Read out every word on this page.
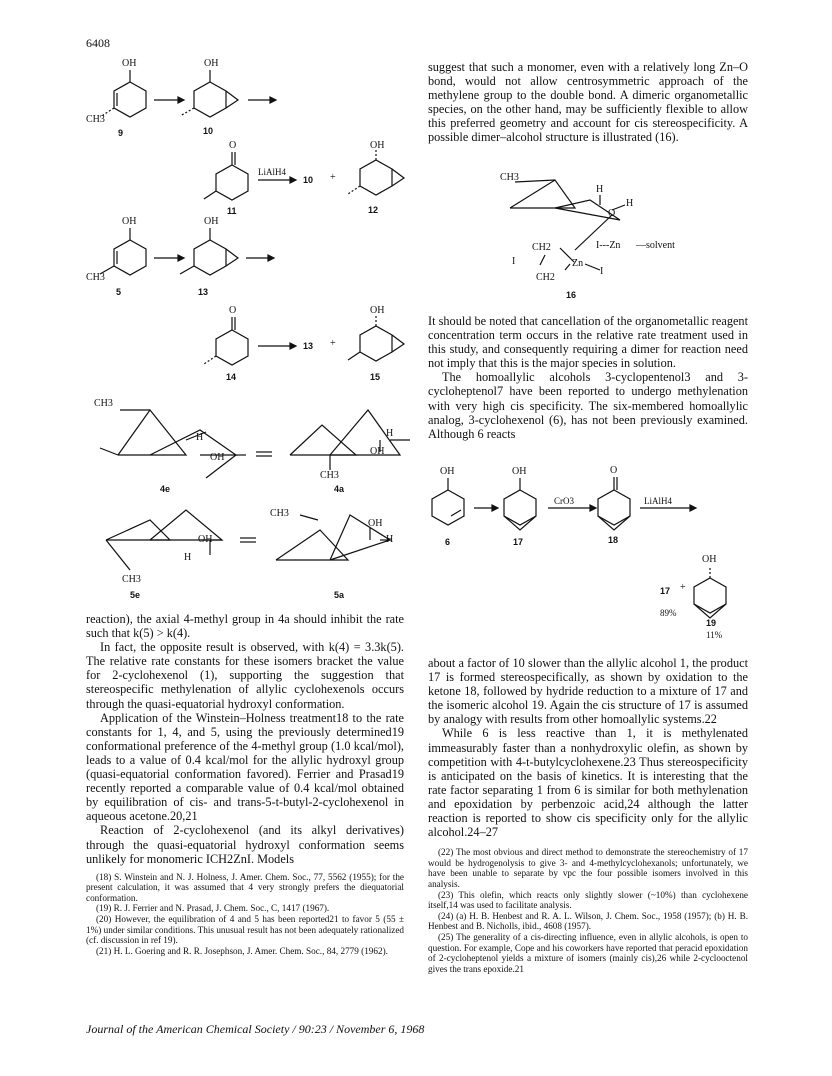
6408
OH
CH3
9
OH
10
O
LiAlH4
10 +
OH
11	12
OH
CH3
5
OH
13
O
13 +
OH
14	15
CH3
H
OH
4e
H
OH
CH3
4a
CH3
OH
H
OH
H
CH3
5e	5a
CH3
H
O
H
I---Zn —solvent
CH2
I	Zn
I
CH2
16
OH
6
OH
17
CrO3
O
18
LiAlH4
OH
17 +
89%
19
11%

reaction), the axial 4-methyl group in 4a should inhibit the rate such that k(5) > k(4).

In fact, the opposite result is observed, with k(4) = 3.3k(5). The relative rate constants for these isomers bracket the value for 2-cyclohexenol (1), supporting the suggestion that stereospecific methylenation of allylic cyclohexenols occurs through the quasi-equatorial hydroxyl conformation.

Application of the Winstein–Holness treatment18 to the rate constants for 1, 4, and 5, using the previously determined19 conformational preference of the 4-methyl group (1.0 kcal/mol), leads to a value of 0.4 kcal/mol for the allylic hydroxyl group (quasi-equatorial conformation favored). Ferrier and Prasad19 recently reported a comparable value of 0.4 kcal/mol obtained by equilibration of cis- and trans-5-t-butyl-2-cyclohexenol in aqueous acetone.20,21

Reaction of 2-cyclohexenol (and its alkyl derivatives) through the quasi-equatorial hydroxyl conformation seems unlikely for monomeric ICH2ZnI. Models

(18) S. Winstein and N. J. Holness, J. Amer. Chem. Soc., 77, 5562 (1955); for the present calculation, it was assumed that 4 very strongly prefers the diequatorial conformation.

(19) R. J. Ferrier and N. Prasad, J. Chem. Soc., C, 1417 (1967).

(20) However, the equilibration of 4 and 5 has been reported21 to favor 5 (55 ± 1%) under similar conditions. This unusual result has not been adequately rationalized (cf. discussion in ref 19).

(21) H. L. Goering and R. R. Josephson, J. Amer. Chem. Soc., 84, 2779 (1962).

suggest that such a monomer, even with a relatively long Zn–O bond, would not allow centrosymmetric approach of the methylene group to the double bond. A dimeric organometallic species, on the other hand, may be sufficiently flexible to allow this preferred geometry and account for cis stereospecificity. A possible dimer–alcohol structure is illustrated (16).

It should be noted that cancellation of the organometallic reagent concentration term occurs in the relative rate treatment used in this study, and consequently requiring a dimer for reaction need not imply that this is the major species in solution.

The homoallylic alcohols 3-cyclopentenol3 and 3-cycloheptenol7 have been reported to undergo methylenation with very high cis specificity. The six-membered homoallylic analog, 3-cyclohexenol (6), has not been previously examined. Although 6 reacts

about a factor of 10 slower than the allylic alcohol 1, the product 17 is formed stereospecifically, as shown by oxidation to the ketone 18, followed by hydride reduction to a mixture of 17 and the isomeric alcohol 19. Again the cis structure of 17 is assumed by analogy with results from other homoallylic systems.22

While 6 is less reactive than 1, it is methylenated immeasurably faster than a nonhydroxylic olefin, as shown by competition with 4-t-butylcyclohexene.23 Thus stereospecificity is anticipated on the basis of kinetics. It is interesting that the rate factor separating 1 from 6 is similar for both methylenation and epoxidation by perbenzoic acid,24 although the latter reaction is reported to show cis specificity only for the allylic alcohol.24–27

(22) The most obvious and direct method to demonstrate the stereochemistry of 17 would be hydrogenolysis to give 3- and 4-methylcyclohexanols; unfortunately, we have been unable to separate by vpc the four possible isomers involved in this analysis.

(23) This olefin, which reacts only slightly slower (~10%) than cyclohexene itself,14 was used to facilitate analysis.

(24) (a) H. B. Henbest and R. A. L. Wilson, J. Chem. Soc., 1958 (1957); (b) H. B. Henbest and B. Nicholls, ibid., 4608 (1957).

(25) The generality of a cis-directing influence, even in allylic alcohols, is open to question. For example, Cope and his coworkers have reported that peracid epoxidation of 2-cycloheptenol yields a mixture of isomers (mainly cis),26 while 2-cyclooctenol gives the trans epoxide.21

Journal of the American Chemical Society / 90:23 / November 6, 1968
